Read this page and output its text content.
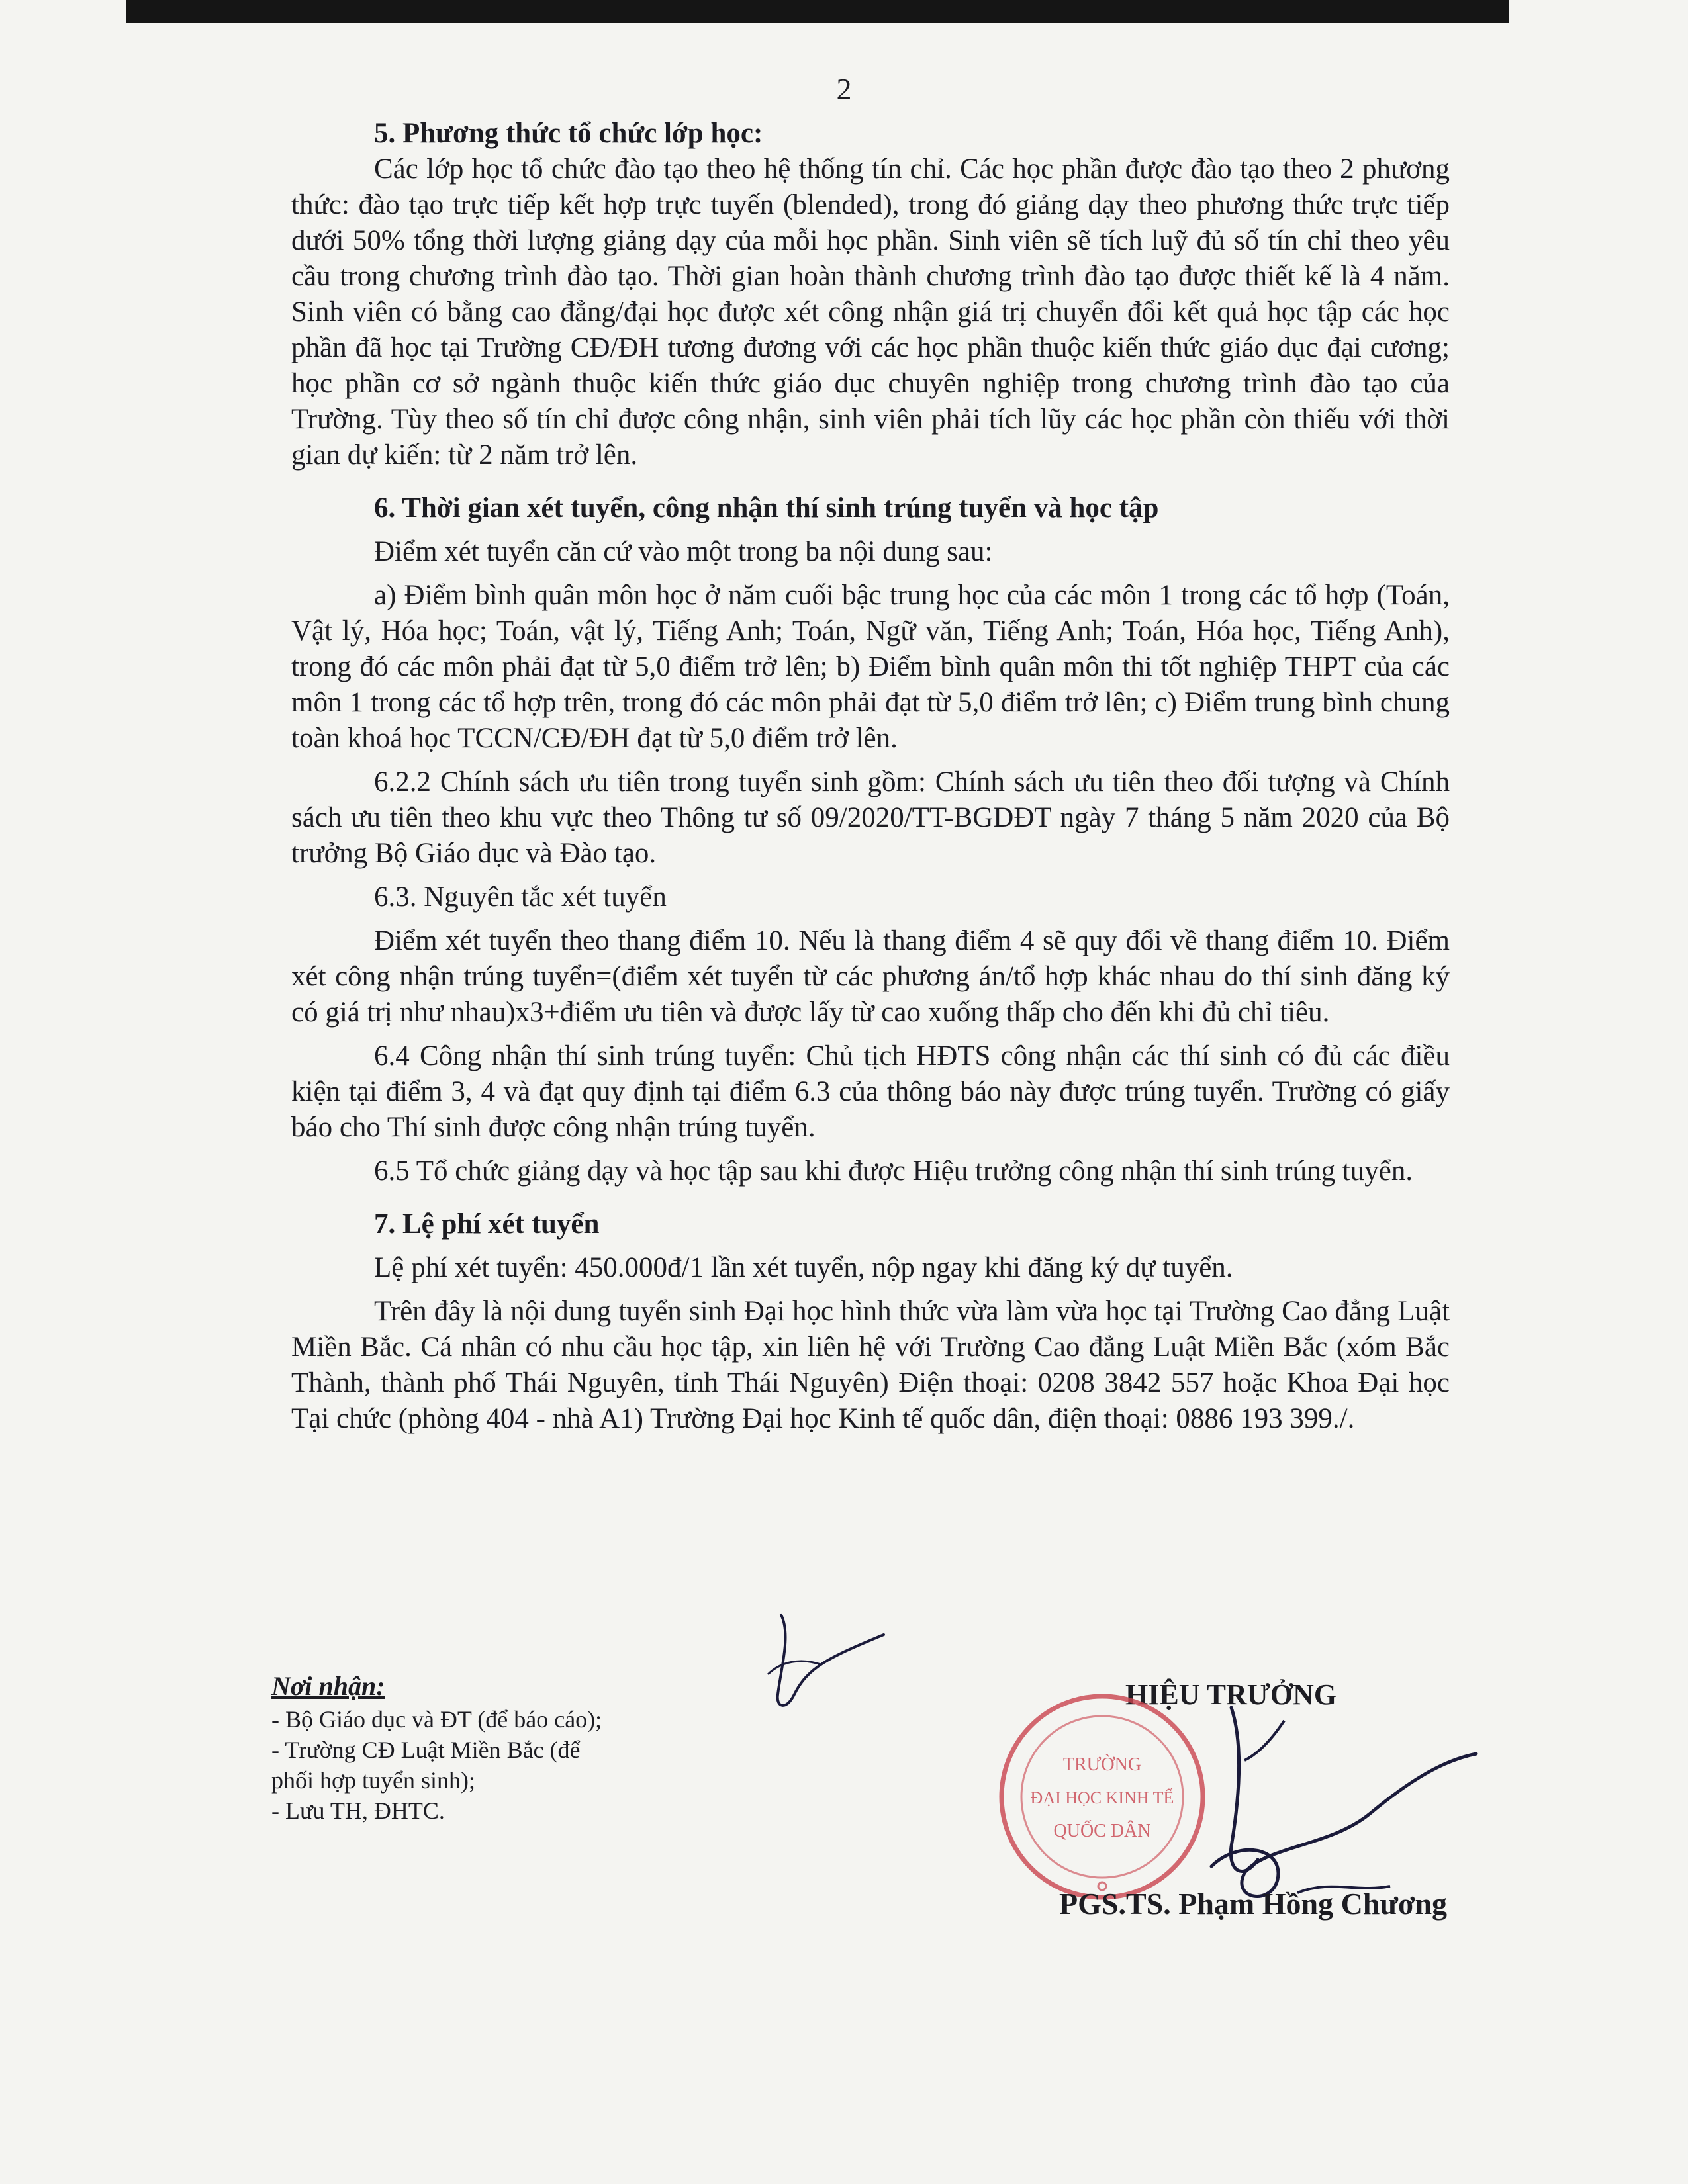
2

5. Phương thức tổ chức lớp học:

Các lớp học tổ chức đào tạo theo hệ thống tín chỉ. Các học phần được đào tạo theo 2 phương thức: đào tạo trực tiếp kết hợp trực tuyến (blended), trong đó giảng dạy theo phương thức trực tiếp dưới 50% tổng thời lượng giảng dạy của mỗi học phần. Sinh viên sẽ tích luỹ đủ số tín chỉ theo yêu cầu trong chương trình đào tạo. Thời gian hoàn thành chương trình đào tạo được thiết kế là 4 năm. Sinh viên có bằng cao đẳng/đại học được xét công nhận giá trị chuyển đổi kết quả học tập các học phần đã học tại Trường CĐ/ĐH tương đương với các học phần thuộc kiến thức giáo dục đại cương; học phần cơ sở ngành thuộc kiến thức giáo dục chuyên nghiệp trong chương trình đào tạo của Trường. Tùy theo số tín chỉ được công nhận, sinh viên phải tích lũy các học phần còn thiếu với thời gian dự kiến: từ 2 năm trở lên.

6. Thời gian xét tuyển, công nhận thí sinh trúng tuyển và học tập

Điểm xét tuyển căn cứ vào một trong ba nội dung sau:

a) Điểm bình quân môn học ở năm cuối bậc trung học của các môn 1 trong các tổ hợp (Toán, Vật lý, Hóa học; Toán, vật lý, Tiếng Anh; Toán, Ngữ văn, Tiếng Anh; Toán, Hóa học, Tiếng Anh), trong đó các môn phải đạt từ 5,0 điểm trở lên; b) Điểm bình quân môn thi tốt nghiệp THPT của các môn 1 trong các tổ hợp trên, trong đó các môn phải đạt từ 5,0 điểm trở lên; c) Điểm trung bình chung toàn khoá học TCCN/CĐ/ĐH đạt từ 5,0 điểm trở lên.

6.2.2 Chính sách ưu tiên trong tuyển sinh gồm: Chính sách ưu tiên theo đối tượng và Chính sách ưu tiên theo khu vực theo Thông tư số 09/2020/TT-BGDĐT ngày 7 tháng 5 năm 2020 của Bộ trưởng Bộ Giáo dục và Đào tạo.

6.3. Nguyên tắc xét tuyển

Điểm xét tuyển theo thang điểm 10. Nếu là thang điểm 4 sẽ quy đổi về thang điểm 10. Điểm xét công nhận trúng tuyển=(điểm xét tuyển từ các phương án/tổ hợp khác nhau do thí sinh đăng ký có giá trị như nhau)x3+điểm ưu tiên và được lấy từ cao xuống thấp cho đến khi đủ chỉ tiêu.

6.4 Công nhận thí sinh trúng tuyển: Chủ tịch HĐTS công nhận các thí sinh có đủ các điều kiện tại điểm 3, 4 và đạt quy định tại điểm 6.3 của thông báo này được trúng tuyển. Trường có giấy báo cho Thí sinh được công nhận trúng tuyển.

6.5 Tổ chức giảng dạy và học tập sau khi được Hiệu trưởng công nhận thí sinh trúng tuyển.

7. Lệ phí xét tuyển

Lệ phí xét tuyển: 450.000đ/1 lần xét tuyển, nộp ngay khi đăng ký dự tuyển.

Trên đây là nội dung tuyển sinh Đại học hình thức vừa làm vừa học tại Trường Cao đẳng Luật Miền Bắc. Cá nhân có nhu cầu học tập, xin liên hệ với Trường Cao đẳng Luật Miền Bắc (xóm Bắc Thành, thành phố Thái Nguyên, tỉnh Thái Nguyên) Điện thoại: 0208 3842 557 hoặc Khoa Đại học Tại chức (phòng 404 - nhà A1) Trường Đại học Kinh tế quốc dân, điện thoại: 0886 193 399./.

Nơi nhận:
- Bộ Giáo dục và ĐT (để báo cáo);
- Trường CĐ Luật Miền Bắc (để
phối hợp tuyển sinh);
- Lưu TH, ĐHTC.
HIỆU TRƯỞNG
TRƯỜNG
ĐẠI HỌC KINH TẾ
QUỐC DÂN
PGS.TS. Phạm Hồng Chương
